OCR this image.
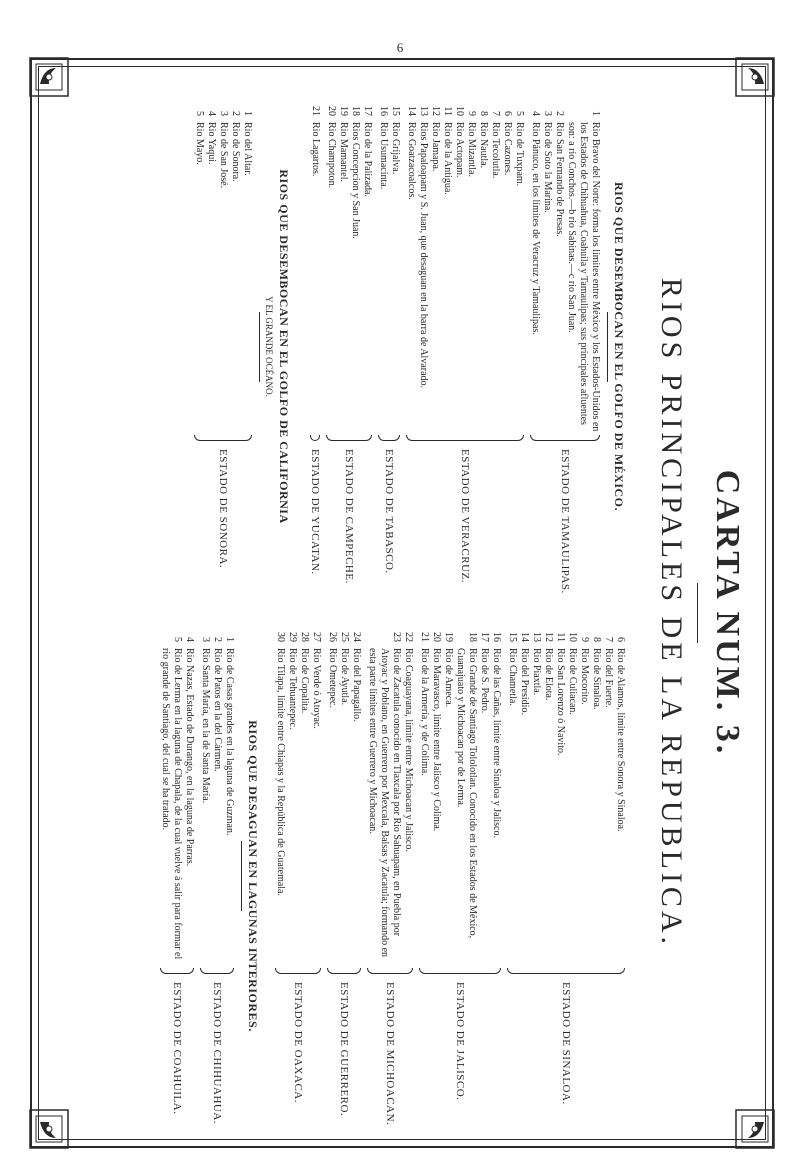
6
CARTA NUM. 3.
RIOS PRINCIPALES DE LA REPUBLICA.
RIOS QUE DESEMBOCAN EN EL GOLFO DE MÉXICO.
1
Rio Bravo del Norte: forma los límites entre México y los Estados-Unidos en los Estados de Chihuahua, Coahuila y Tamaulipas; sus principales afluentes son: a rio Conchos.—b rio Sabinas.—c rio San Juan.
2
Rio San Fernando de Presas.
3
Rio de Soto la Marina.
4
Rio Pánuco, en los límites de Veracruz y Tamaulipas.
ESTADO DE TAMAULIPAS.
5
Rio de Tuxpam.
6
Rio Cazones.
7
Rio Tecolutla.
8
Rio Nautla.
9
Rio Mizantla.
10
Rio Actopam.
11
Rio de la Antigua.
12
Rio Jamapa.
13
Rios Papaloapam y S. Juan, que desaguan en la barra de Alvarado.
14
Rio Goatzacoalcos.
ESTADO DE VERACRUZ.
15
Rio Grijalva.
16
Rio Usumacinta.
ESTADO DE TABASCO.
17
Rio de la Palizada.
18
Rios Concepcion y San Juan.
19
Rio Mamantel.
20
Rio Champoton.
ESTADO DE CAMPECHE.
21
Rio Lagartos.
ESTADO DE YUCATAN.
RIOS QUE DESEMBOCAN EN EL GOLFO DE CALIFORNIA
Y EL GRANDE OCÉANO.
1
Rio del Altar.
2
Rio de Sonora.
3
Rio de San José.
4
Rio Yaqui.
5
Rio Mayo.
ESTADO DE SONORA.
6
Rio de Alamos, límite entre Sonora y Sinaloa.
7
Rio del Fuerte.
8
Rio de Sinaloa.
9
Rio Mocorito.
10
Rio de Culiacan.
11
Rio San Lorenzo ó Navito.
12
Rio de Elota.
13
Rio Piaxtla.
14
Rio del Presidio.
15
Rio Chametla.
ESTADO DE SINALOA.
16
Rio de las Cañas, límite entre Sinaloa y Jalisco.
17
Rio de S. Pedro.
18
Rio Grande de Santiago Tololotlan. Conocido en los Estados de México, Guanajuato y Michoacan por de Lerma.
19
Rio de Ameca.
20
Rio Maravasco, límite entre Jalisco y Colima.
21
Rio de la Armería, y de Colima.
ESTADO DE JALISCO.
22
Rio Coaguayana, límite entre Michoacan y Jalisco.
23
Rio de Zacatula conocido en Tlaxcala por Rio Sahuapam, en Puebla por Atoyac y Poblano, en Guerrero por Mexcala, Balsas y Zacatula; formando en esta parte límites entre Guerrero y Michoacan.
ESTADO DE MICHOACAN.
24
Rio del Papagallo.
25
Rio de Ayutla.
26
Rio Ometepec.
ESTADO DE GUERRERO.
27
Rio Verde ó Atoyac.
28
Rio de Copalita.
29
Rio de Tehuantepec.
30
Rio Tilapa, límite entre Chiapas y la República de Guatemala.
ESTADO DE OAXACA.
RIOS QUE DESAGUAN EN LAGUNAS INTERIORES.
1
Rio de Casas grandes en la laguna de Guzman.
2
Rio de Patos en la del Cármen.
3
Rio Santa María, en la de Santa María.
ESTADO DE CHIHUAHUA.
4
Rio Nazas, Estado de Durango, en la laguna de Parras.
5
Rio de Lerma en la laguna de Chapala, de la cual vuelve á salir para formar el rio grande de Santiago, del cual se ha tratado.
ESTADO DE COAHUILA.
